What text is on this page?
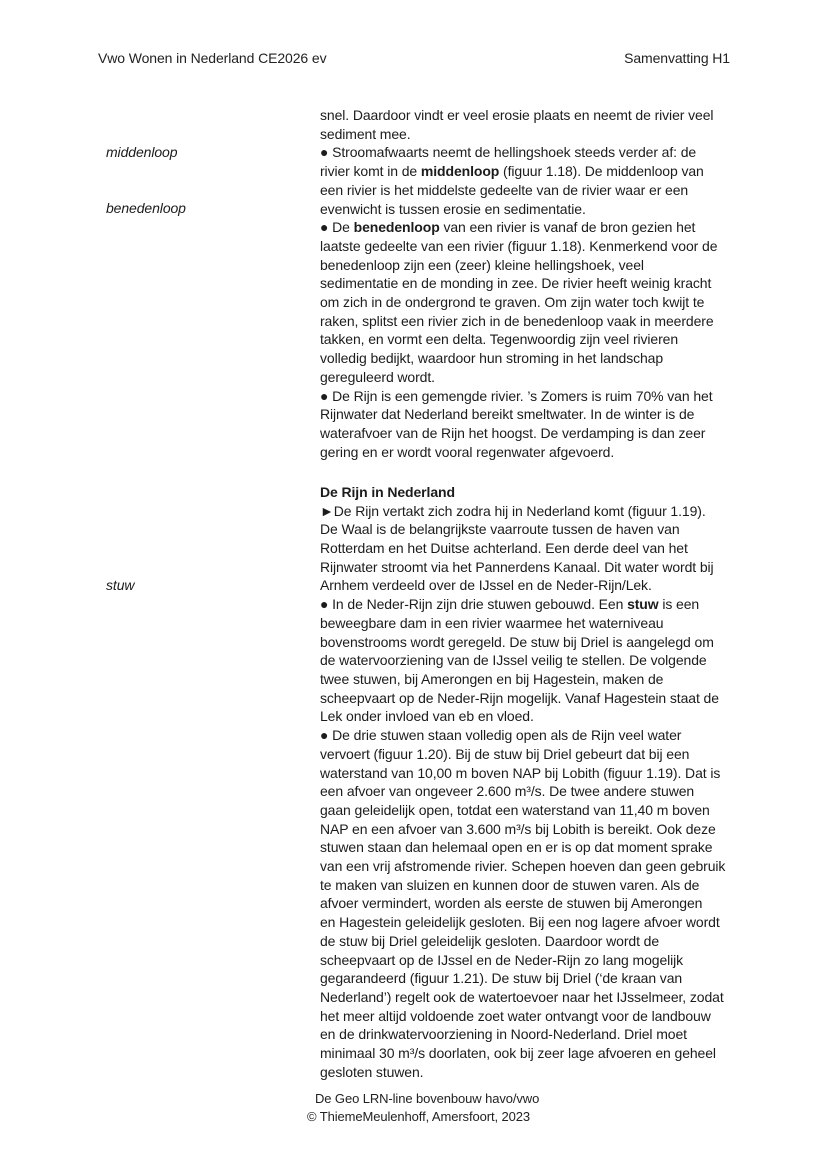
Vwo Wonen in Nederland CE2026 ev	Samenvatting H1
middenloop
benedenloop
stuw
snel. Daardoor vindt er veel erosie plaats en neemt de rivier veel
sediment mee.
● Stroomafwaarts neemt de hellingshoek steeds verder af: de
rivier komt in de middenloop (figuur 1.18). De middenloop van
een rivier is het middelste gedeelte van de rivier waar er een
evenwicht is tussen erosie en sedimentatie.
● De benedenloop van een rivier is vanaf de bron gezien het
laatste gedeelte van een rivier (figuur 1.18). Kenmerkend voor de
benedenloop zijn een (zeer) kleine hellingshoek, veel
sedimentatie en de monding in zee. De rivier heeft weinig kracht
om zich in de ondergrond te graven. Om zijn water toch kwijt te
raken, splitst een rivier zich in de benedenloop vaak in meerdere
takken, en vormt een delta. Tegenwoordig zijn veel rivieren
volledig bedijkt, waardoor hun stroming in het landschap
gereguleerd wordt.
● De Rijn is een gemengde rivier. ’s Zomers is ruim 70% van het
Rijnwater dat Nederland bereikt smeltwater. In de winter is de
waterafvoer van de Rijn het hoogst. De verdamping is dan zeer
gering en er wordt vooral regenwater afgevoerd.
De Rijn in Nederland
►De Rijn vertakt zich zodra hij in Nederland komt (figuur 1.19).
De Waal is de belangrijkste vaarroute tussen de haven van
Rotterdam en het Duitse achterland. Een derde deel van het
Rijnwater stroomt via het Pannerdens Kanaal. Dit water wordt bij
Arnhem verdeeld over de IJssel en de Neder-Rijn/Lek.
● In de Neder-Rijn zijn drie stuwen gebouwd. Een stuw is een
beweegbare dam in een rivier waarmee het waterniveau
bovenstrooms wordt geregeld. De stuw bij Driel is aangelegd om
de watervoorziening van de IJssel veilig te stellen. De volgende
twee stuwen, bij Amerongen en bij Hagestein, maken de
scheepvaart op de Neder-Rijn mogelijk. Vanaf Hagestein staat de
Lek onder invloed van eb en vloed.
● De drie stuwen staan volledig open als de Rijn veel water
vervoert (figuur 1.20). Bij de stuw bij Driel gebeurt dat bij een
waterstand van 10,00 m boven NAP bij Lobith (figuur 1.19). Dat is
een afvoer van ongeveer 2.600 m³/s. De twee andere stuwen
gaan geleidelijk open, totdat een waterstand van 11,40 m boven
NAP en een afvoer van 3.600 m³/s bij Lobith is bereikt. Ook deze
stuwen staan dan helemaal open en er is op dat moment sprake
van een vrij afstromende rivier. Schepen hoeven dan geen gebruik
te maken van sluizen en kunnen door de stuwen varen. Als de
afvoer vermindert, worden als eerste de stuwen bij Amerongen
en Hagestein geleidelijk gesloten. Bij een nog lagere afvoer wordt
de stuw bij Driel geleidelijk gesloten. Daardoor wordt de
scheepvaart op de IJssel en de Neder-Rijn zo lang mogelijk
gegarandeerd (figuur 1.21). De stuw bij Driel (‘de kraan van
Nederland’) regelt ook de watertoevoer naar het IJsselmeer, zodat
het meer altijd voldoende zoet water ontvangt voor de landbouw
en de drinkwatervoorziening in Noord-Nederland. Driel moet
minimaal 30 m³/s doorlaten, ook bij zeer lage afvoeren en geheel
gesloten stuwen.
De Geo LRN-line bovenbouw havo/vwo
© ThiemeMeulenhoff, Amersfoort, 2023
